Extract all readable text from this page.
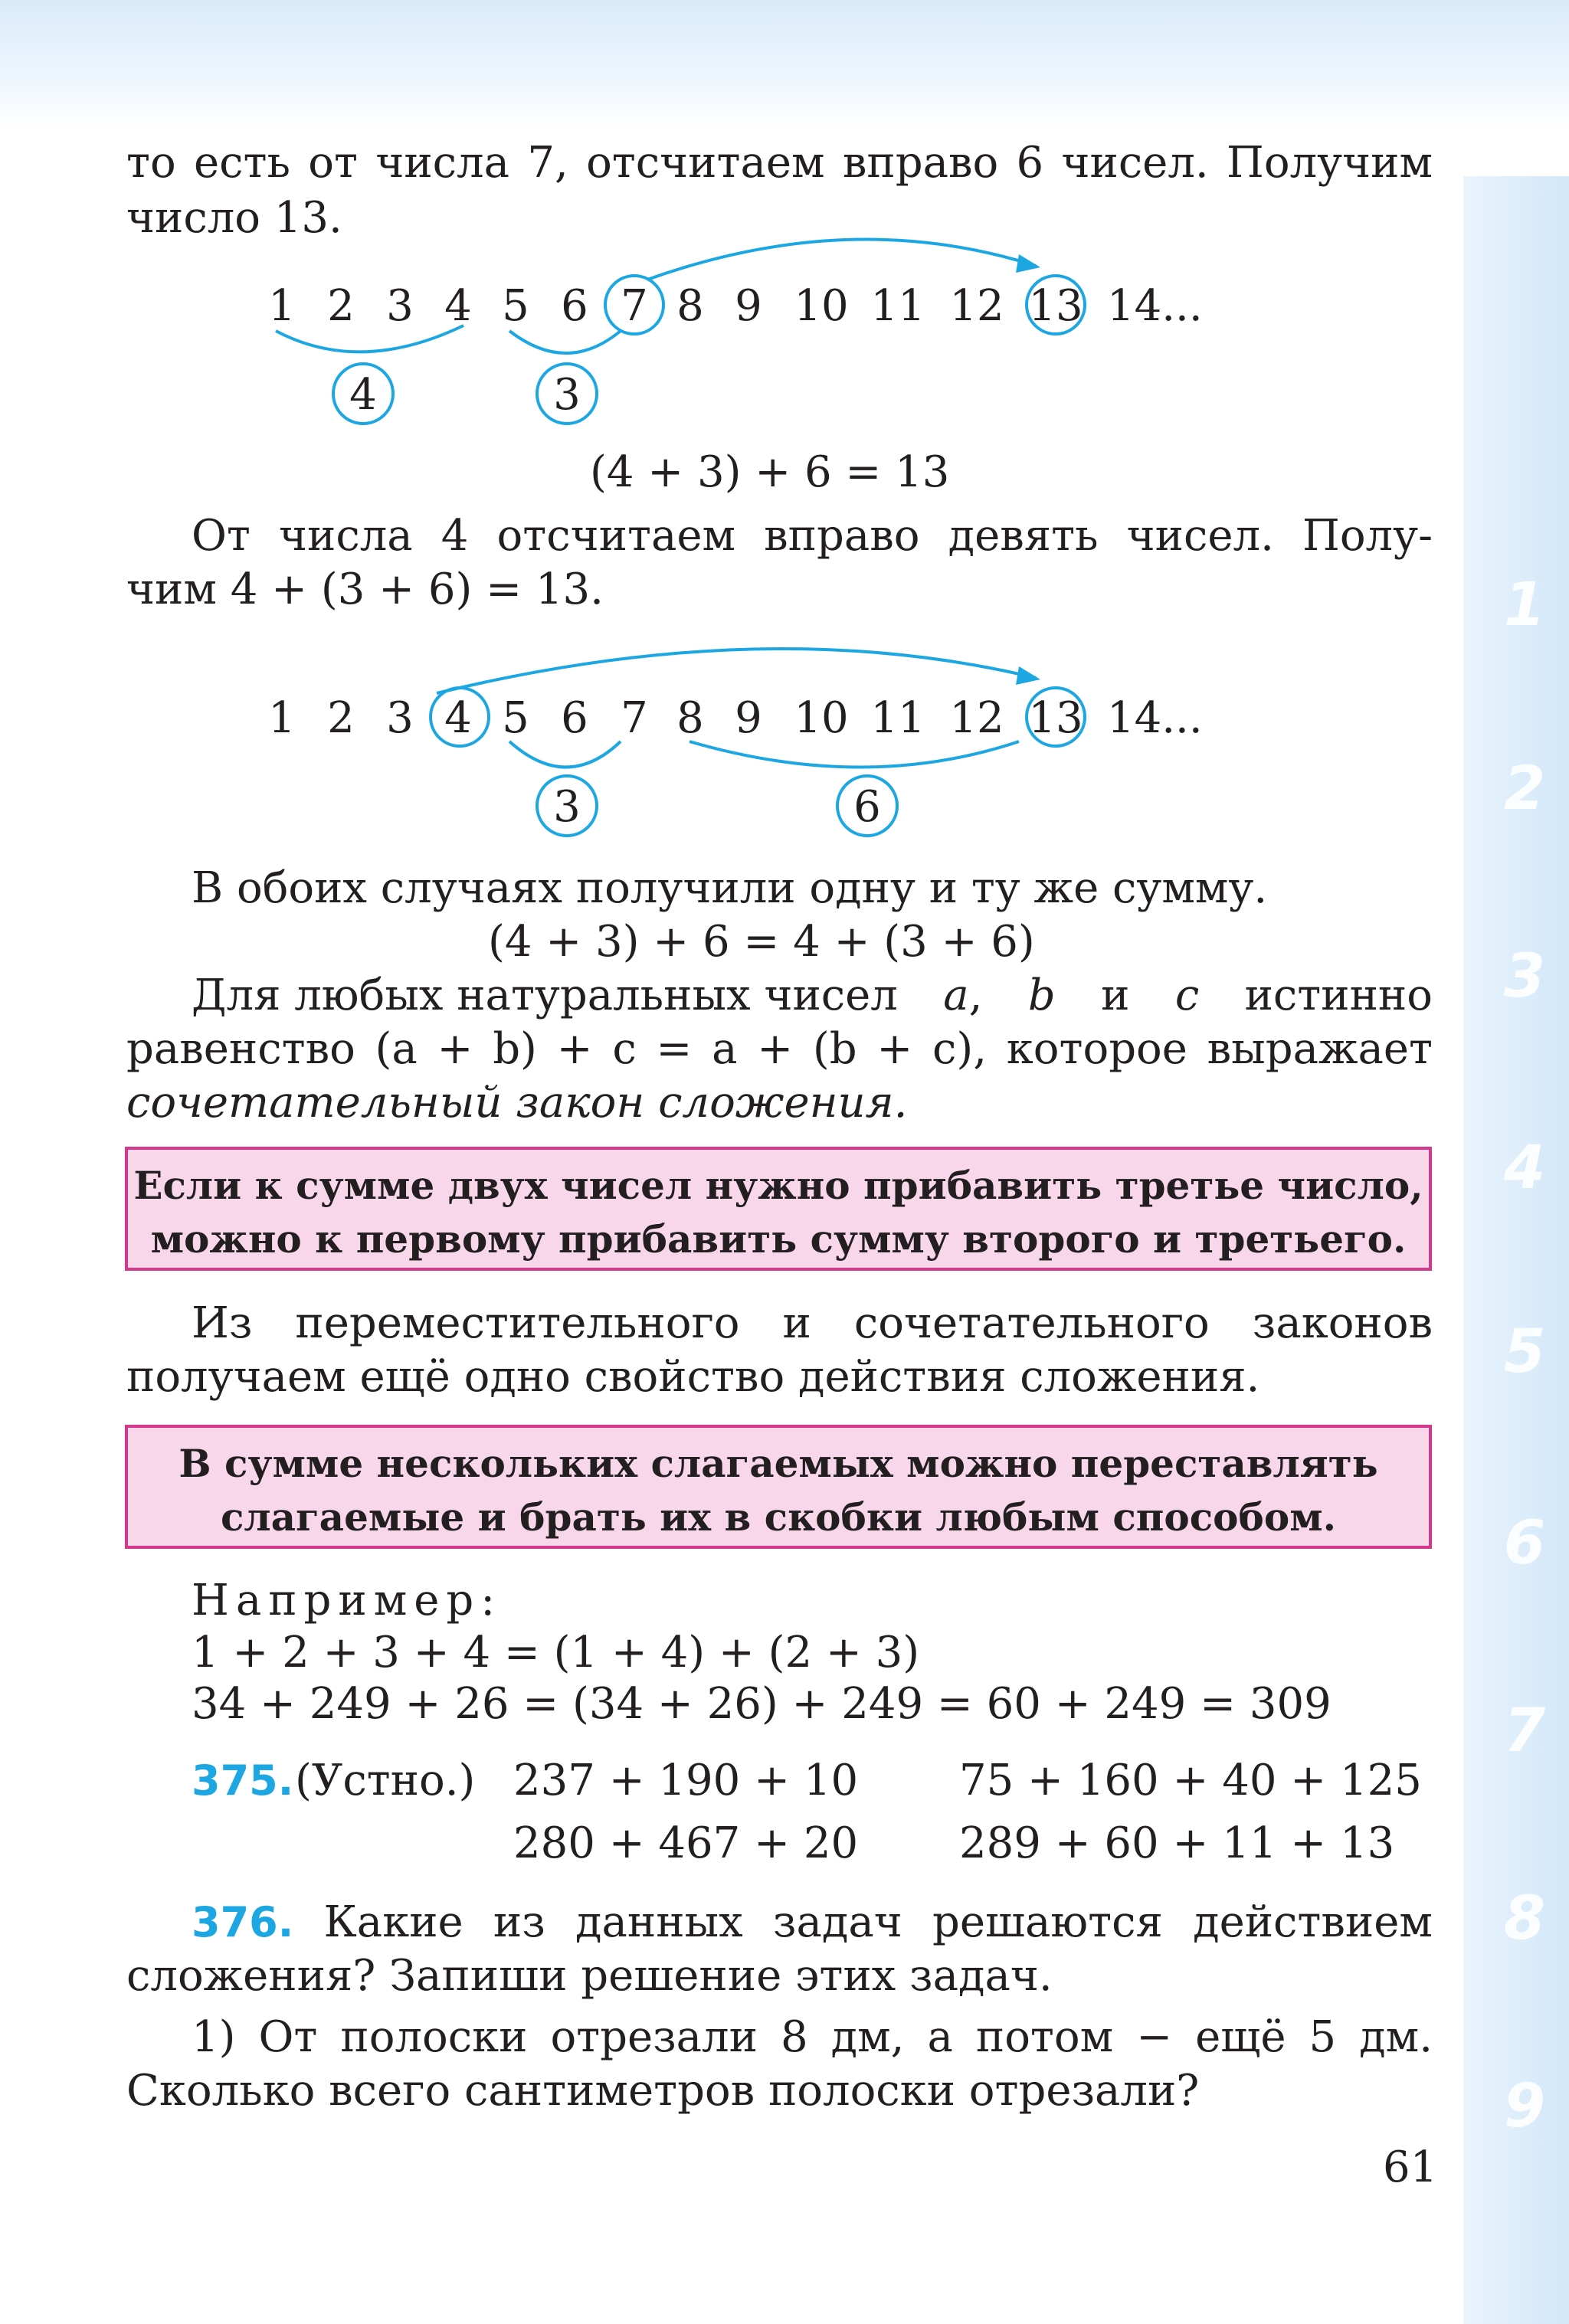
1
2
3
4
5
6
7
8
9
то есть от числа 7, отсчитаем вправо 6 чисел. Получим
число 13.
1 2 3 4 5 6 7 8 9 10 11 12 13 14...
4	3
1 2 3 4 5 6 7 8 9 10 11 12 13 14...
3	6
(4 + 3) + 6 = 13
От числа 4 отсчитаем вправо девять чисел. Полу-
чим 4 + (3 + 6) = 13.
В обоих случаях получили одну и ту же сумму.
(4 + 3) + 6 = 4 + (3 + 6)
Для любых натуральных чисел a, b и c истинно
равенство (a + b) + c = a + (b + c), которое выражает
сочетательный закон сложения.
Если к сумме двух чисел нужно прибавить третье число,
можно к первому прибавить сумму второго и третьего.
Из переместительного и сочетательного законов
получаем ещё одно свойство действия сложения.
В сумме нескольких слагаемых можно переставлять
слагаемые и брать их в скобки любым способом.
Например:
1 + 2 + 3 + 4 = (1 + 4) + (2 + 3)
34 + 249 + 26 = (34 + 26) + 249 = 60 + 249 = 309
375. (Устно.) 237 + 190 + 10 75 + 160 + 40 + 125
280 + 467 + 20 289 + 60 + 11 + 13
376. Какие из данных задач решаются действием
сложения? Запиши решение этих задач.
1) От полоски отрезали 8 дм, а потом − ещё 5 дм.
Сколько всего сантиметров полоски отрезали?
61
